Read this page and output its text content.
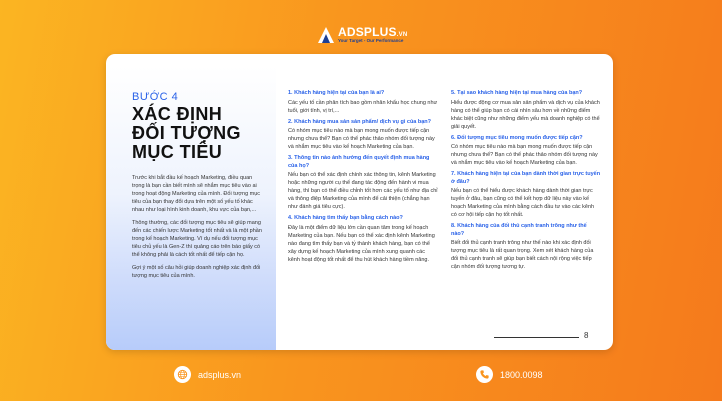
ADSPLUS.VN
Your Target - Our Performance
BƯỚC 4
XÁC ĐỊNH
ĐỐI TƯỢNG
MỤC TIÊU

Trước khi bắt đầu kế hoạch Marketing, điều quan trọng là bạn cần biết mình sẽ nhắm mục tiêu vào ai trong hoạt động Marketing của mình. Đối tượng mục tiêu của bạn thay đổi dựa trên một số yếu tố khác nhau như loại hình kinh doanh, khu vực của bạn,...

Thông thường, các đối tượng mục tiêu sẽ giúp mang đến các chiến lược Marketing tốt nhất và là một phần trong kế hoạch Marketing. Ví dụ nếu đối tượng mục tiêu chủ yếu là Gen-Z thì quảng cáo trên báo giấy có thể không phải là cách tốt nhất để tiếp cận họ.

Gợi ý một số câu hỏi giúp doanh nghiệp xác định đối tượng mục tiêu của mình.

1. Khách hàng hiện tại của bạn là ai?
Các yếu tố cần phân tích bao gồm nhân khẩu học chung như tuổi, giới tính, vị trí,...
2. Khách hàng mua sản sản phẩm/ dịch vụ gì của bạn?
Có nhóm mục tiêu nào mà bạn mong muốn được tiếp cận nhưng chưa thể? Bạn có thể phác thảo nhóm đối tượng này và nhắm mục tiêu vào kế hoạch Marketing của bạn.
3. Thông tin nào ảnh hưởng đến quyết định mua hàng của họ?
Nếu bạn có thể xác định chính xác thông tin, kênh Marketing hoặc những người cụ thể đang tác động đến hành vi mua hàng, thì bạn có thể điều chỉnh tốt hơn các yếu tố như địa chỉ và thông điệp Marketing của mình để cải thiện (chẳng hạn như đánh giá tiêu cực).
4. Khách hàng tìm thấy bạn bằng cách nào?
Đây là một điểm dữ liệu lớn cần quan tâm trong kế hoạch Marketing của bạn. Nếu bạn có thể xác định kênh Marketing nào đang tìm thấy bạn và tỷ thành khách hàng, bạn có thể xây dựng kế hoạch Marketing của mình xung quanh các kênh hoạt động tốt nhất để thu hút khách hàng tiềm năng.
5. Tại sao khách hàng hiện tại mua hàng của bạn?
Hiểu được động cơ mua sản sản phẩm và dịch vụ của khách hàng có thể giúp bạn có cái nhìn sâu hơn về những điểm khác biệt cũng như những điểm yếu mà doanh nghiệp có thể giải quyết.
6. Đối tượng mục tiêu mong muốn được tiếp cận?
Có nhóm mục tiêu nào mà bạn mong muốn được tiếp cận nhưng chưa thể? Bạn có thể phác thảo nhóm đối tượng này và nhắm mục tiêu vào kế hoạch Marketing của bạn.
7. Khách hàng hiện tại của bạn dành thời gian trực tuyến ở đâu?
Nếu bạn có thể hiểu được khách hàng dành thời gian trực tuyến ở đâu, bạn cũng có thể kết hợp dữ liệu này vào kế hoạch Marketing của mình bằng cách đầu tư vào các kênh có cơ hội tiếp cận họ tốt nhất.
8. Khách hàng của đối thủ cạnh tranh trông như thế nào?
Biết đối thủ cạnh tranh trông như thế nào khi xác định đối tượng mục tiêu là rất quan trọng. Xem xét khách hàng của đối thủ cạnh tranh sẽ giúp bạn biết cách nội rộng việc tiếp cận nhóm đối tượng tương tự.
8
adsplus.vn	1800.0098
